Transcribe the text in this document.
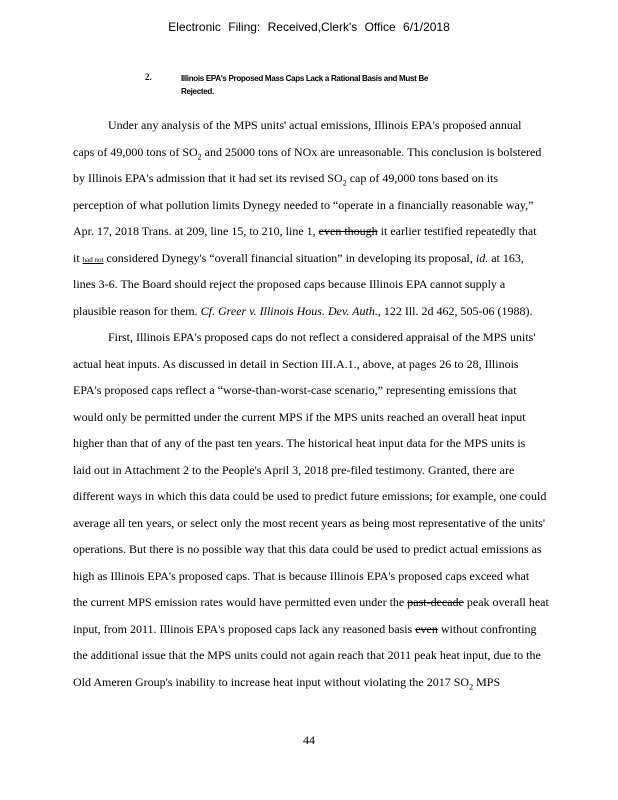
Electronic Filing: Received,Clerk's Office 6/1/2018
2.	Illinois EPA's Proposed Mass Caps Lack a Rational Basis and Must Be
Rejected.
Under any analysis of the MPS units' actual emissions, Illinois EPA's proposed annual
caps of 49,000 tons of $SO_2$ and 25000 tons of NOx are unreasonable. This conclusion is bolstered
by Illinois EPA's admission that it had set its revised $SO_2$ cap of 49,000 tons based on its
perception of what pollution limits Dynegy needed to “operate in a financially reasonable way,”
Apr. 17, 2018 Trans. at 209, line 15, to 210, line 1, even though it earlier testified repeatedly that
it had not considered Dynegy's “overall financial situation” in developing its proposal, id. at 163,
lines 3-6. The Board should reject the proposed caps because Illinois EPA cannot supply a
plausible reason for them. Cf. Greer v. Illinois Hous. Dev. Auth., 122 Ill. 2d 462, 505-06 (1988).
First, Illinois EPA's proposed caps do not reflect a considered appraisal of the MPS units'
actual heat inputs. As discussed in detail in Section III.A.1., above, at pages 26 to 28, Illinois
EPA's proposed caps reflect a “worse-than-worst-case scenario,” representing emissions that
would only be permitted under the current MPS if the MPS units reached an overall heat input
higher than that of any of the past ten years. The historical heat input data for the MPS units is
laid out in Attachment 2 to the People's April 3, 2018 pre-filed testimony. Granted, there are
different ways in which this data could be used to predict future emissions; for example, one could
average all ten years, or select only the most recent years as being most representative of the units'
operations. But there is no possible way that this data could be used to predict actual emissions as
high as Illinois EPA's proposed caps. That is because Illinois EPA's proposed caps exceed what
the current MPS emission rates would have permitted even under the past-decade peak overall heat
input, from 2011. Illinois EPA's proposed caps lack any reasoned basis even without confronting
the additional issue that the MPS units could not again reach that 2011 peak heat input, due to the
Old Ameren Group's inability to increase heat input without violating the 2017 $SO_2$ MPS
44
